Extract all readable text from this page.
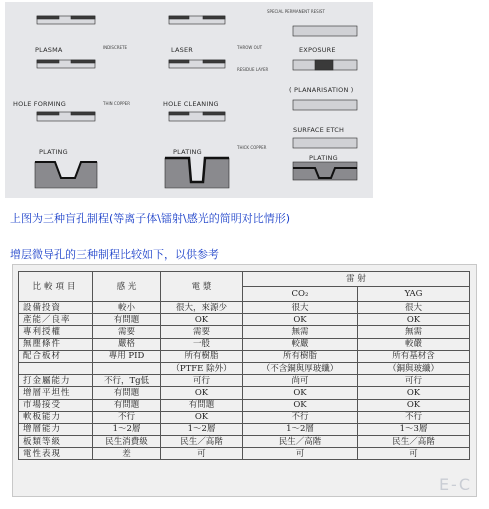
PLASMA	INDISCRETE	LASER	THROW OUT
RESIDUE LAYER
SPECIAL PERMANENT RESIST
EXPOSURE
( PLANARISATION )
HOLE FORMING	THIN COPPER	HOLE CLEANING
SURFACE ETCH
PLATING	PLATING
THICK COPPER
PLATING
上图为三种盲孔制程(等离子体\镭射\感光的简明对比情形)
增层微导孔的三种制程比较如下，以供参考
比較項目	感 光	電 漿	雷 射	
			CO₂	YAG
設備投資	較小	很大，來源少	很大	很大
產能／良率	有問題	OK	OK	OK
專利授權	需要	需要	無需	無需
無塵條件	嚴格	一般	較嚴	較嚴
配合板材	專用 PID	所有樹脂	所有樹脂	所有基材含
		（PTFE 除外）	（不含銅與厚玻纖）	（銅與玻纖）
打金屬能力	不行，Tg低	可行	尚可	可行
增層平坦性	有問題	OK	OK	OK
市場接受	有問題	有問題	OK	OK
軟板能力	不行	OK	不行	不行
增層能力	1～2層	1～2層	1～2層	1～3層
板類等級	民生消費級	民生／高階	民生／高階	民生／高階
電性表現	差	可	可	可
E-C
